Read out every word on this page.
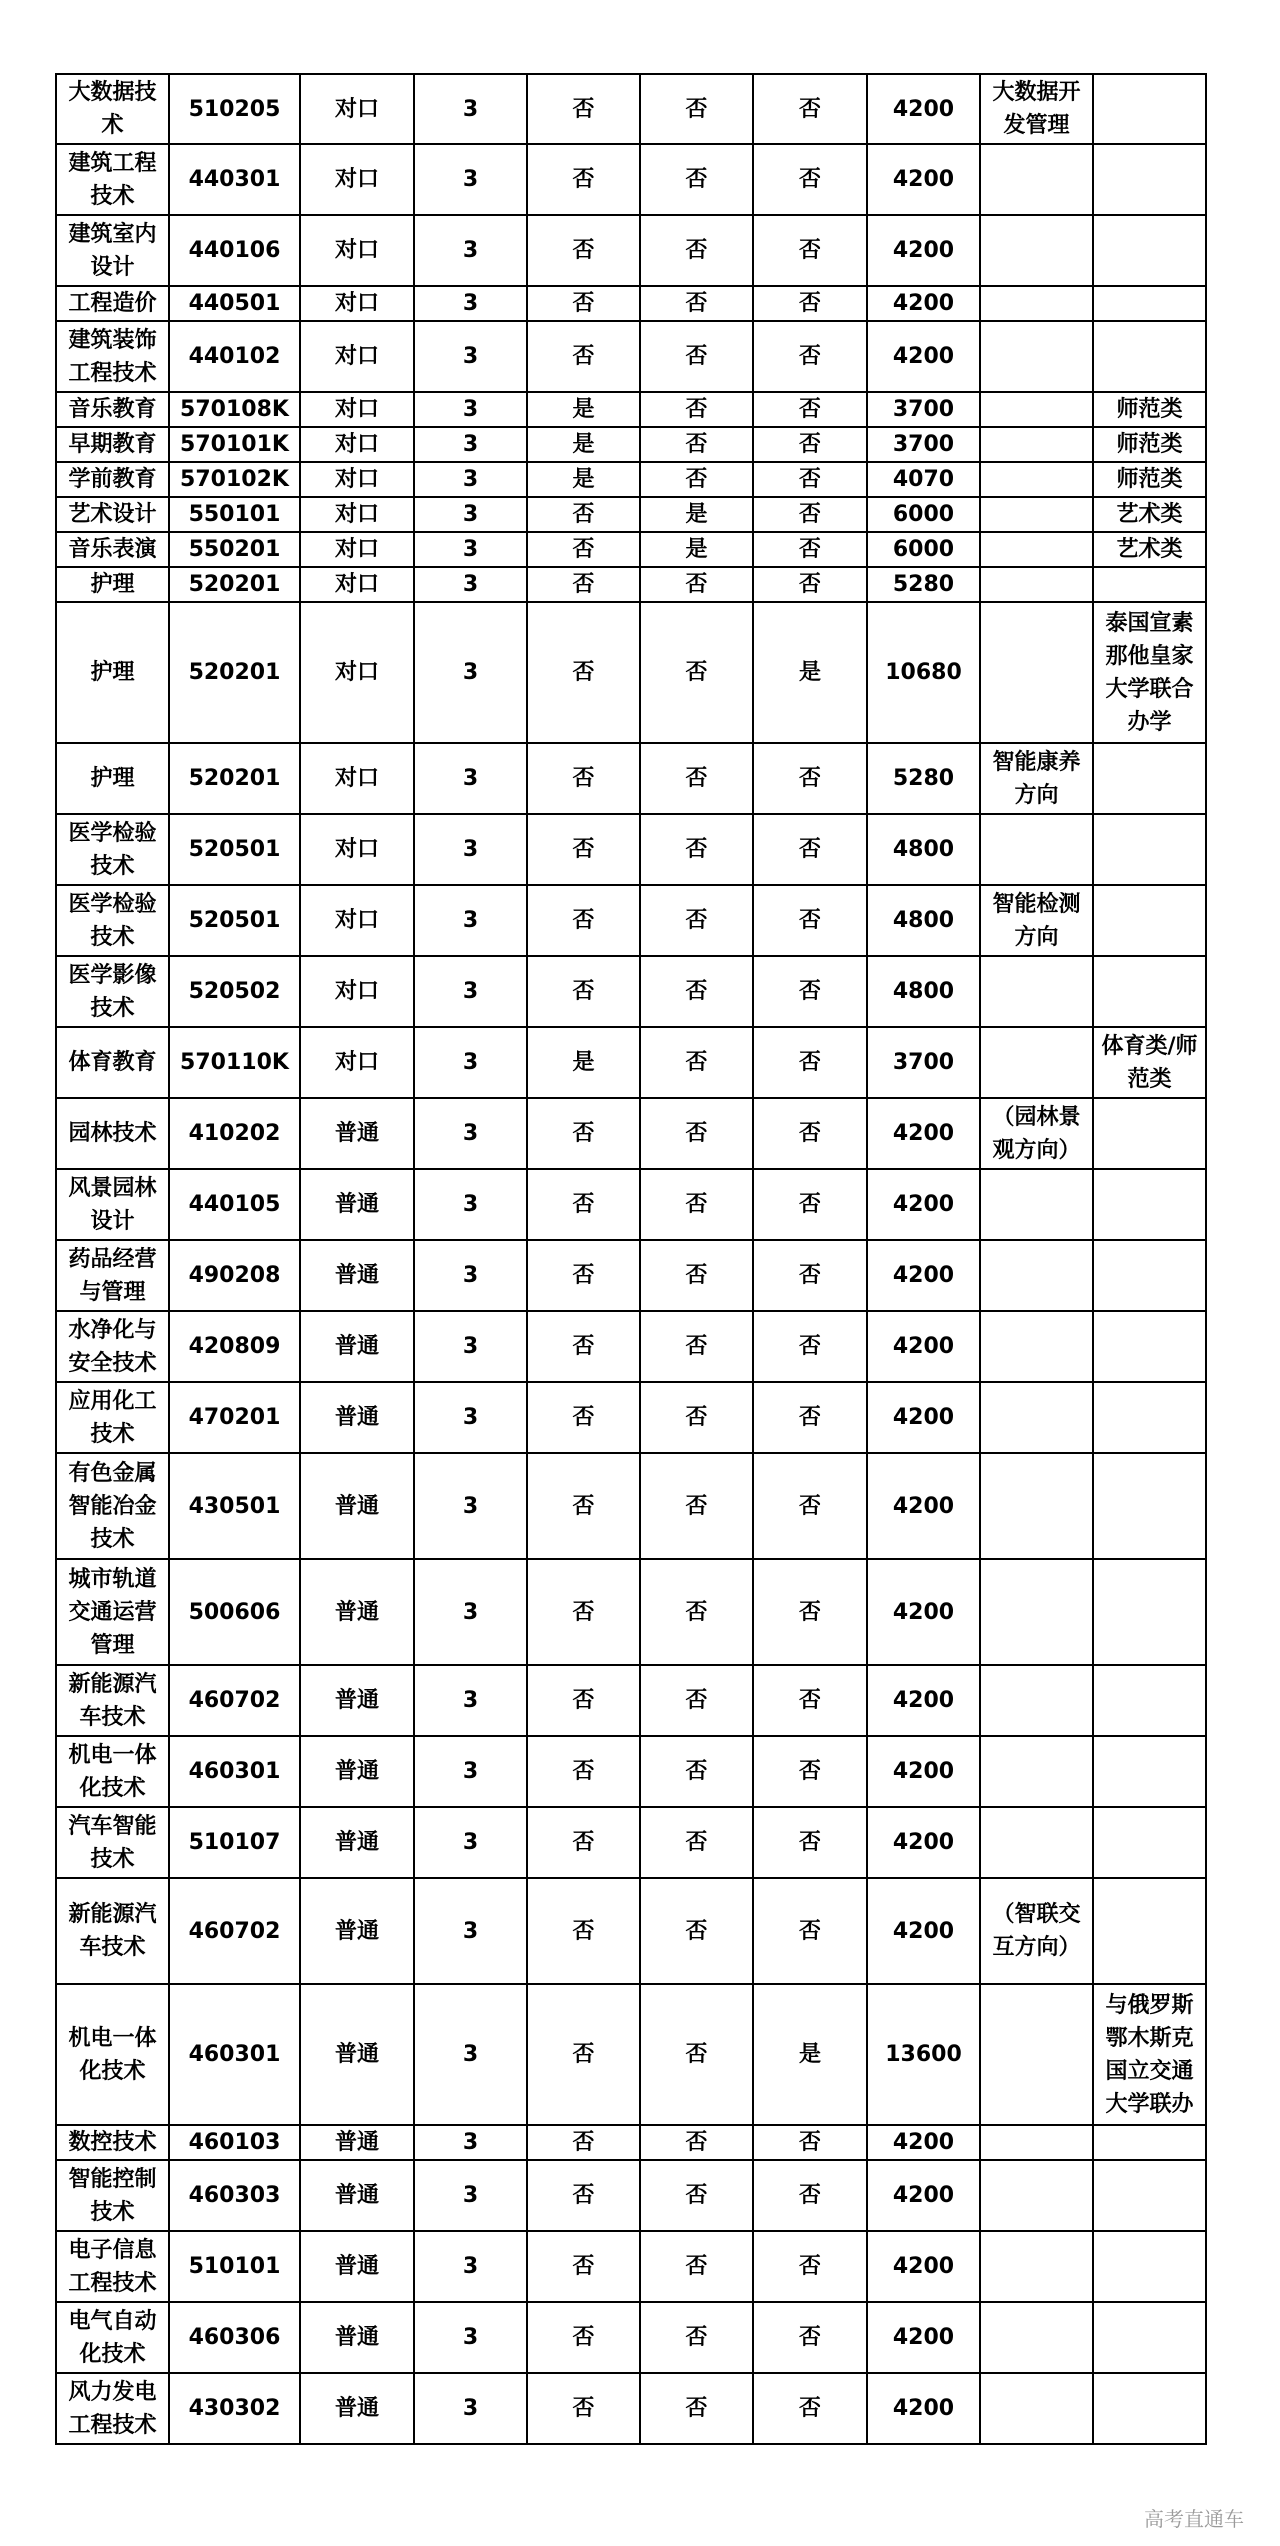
大数据技术	510205	对口	3	否	否	否	4200	大数据开发管理	
建筑工程技术	440301	对口	3	否	否	否	4200		
建筑室内设计	440106	对口	3	否	否	否	4200		
工程造价	440501	对口	3	否	否	否	4200		
建筑装饰工程技术	440102	对口	3	否	否	否	4200		
音乐教育	570108K	对口	3	是	否	否	3700		师范类
早期教育	570101K	对口	3	是	否	否	3700		师范类
学前教育	570102K	对口	3	是	否	否	4070		师范类
艺术设计	550101	对口	3	否	是	否	6000		艺术类
音乐表演	550201	对口	3	否	是	否	6000		艺术类
护理	520201	对口	3	否	否	否	5280		
护理	520201	对口	3	否	否	是	10680		泰国宣素那他皇家大学联合办学
护理	520201	对口	3	否	否	否	5280	智能康养方向	
医学检验技术	520501	对口	3	否	否	否	4800		
医学检验技术	520501	对口	3	否	否	否	4800	智能检测方向	
医学影像技术	520502	对口	3	否	否	否	4800		
体育教育	570110K	对口	3	是	否	否	3700		体育类/师范类
园林技术	410202	普通	3	否	否	否	4200	（园林景观方向）	
风景园林设计	440105	普通	3	否	否	否	4200		
药品经营与管理	490208	普通	3	否	否	否	4200		
水净化与安全技术	420809	普通	3	否	否	否	4200		
应用化工技术	470201	普通	3	否	否	否	4200		
有色金属智能冶金技术	430501	普通	3	否	否	否	4200		
城市轨道交通运营管理	500606	普通	3	否	否	否	4200		
新能源汽车技术	460702	普通	3	否	否	否	4200		
机电一体化技术	460301	普通	3	否	否	否	4200		
汽车智能技术	510107	普通	3	否	否	否	4200		
新能源汽车技术	460702	普通	3	否	否	否	4200	（智联交互方向）	
机电一体化技术	460301	普通	3	否	否	是	13600		与俄罗斯鄂木斯克国立交通大学联办
数控技术	460103	普通	3	否	否	否	4200		
智能控制技术	460303	普通	3	否	否	否	4200		
电子信息工程技术	510101	普通	3	否	否	否	4200		
电气自动化技术	460306	普通	3	否	否	否	4200		
风力发电工程技术	430302	普通	3	否	否	否	4200		
高考直通车
